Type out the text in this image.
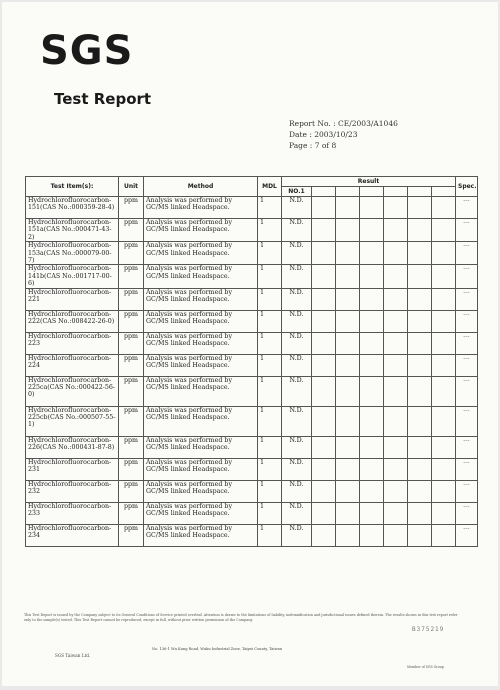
SGS
Test Report
Report No. : CE/2003/A1046
Date : 2003/10/23
Page : 7 of 8
Test Item(s):	Unit	Method	MDL	Result							Spec.
				NO.1							
Hydrochlorofluorocarbon-151(CAS No.:000359-28-4)	ppm	Analysis was performed by GC/MS linked Headspace.	1	N.D.							---
Hydrochlorofluorocarbon-151a(CAS No.:000471-43-2)	ppm	Analysis was performed by GC/MS linked Headspace.	1	N.D.							---
Hydrochlorofluorocarbon-153a(CAS No.:000079-00-7)	ppm	Analysis was performed by GC/MS linked Headspace.	1	N.D.							---
Hydrochlorofluorocarbon-141b(CAS No.:001717-00-6)	ppm	Analysis was performed by GC/MS linked Headspace.	1	N.D.							---
Hydrochlorofluorocarbon-221	ppm	Analysis was performed by GC/MS linked Headspace.	1	N.D.							---
Hydrochlorofluorocarbon-222(CAS No.:008422-26-0)	ppm	Analysis was performed by GC/MS linked Headspace.	1	N.D.							---
Hydrochlorofluorocarbon-223	ppm	Analysis was performed by GC/MS linked Headspace.	1	N.D.							---
Hydrochlorofluorocarbon-224	ppm	Analysis was performed by GC/MS linked Headspace.	1	N.D.							---
Hydrochlorofluorocarbon-225ca(CAS No.:000422-56-0)	ppm	Analysis was performed by GC/MS linked Headspace.	1	N.D.							---
Hydrochlorofluorocarbon-225cb(CAS No.:000507-55-1)	ppm	Analysis was performed by GC/MS linked Headspace.	1	N.D.							---
Hydrochlorofluorocarbon-226(CAS No.:000431-87-8)	ppm	Analysis was performed by GC/MS linked Headspace.	1	N.D.							---
Hydrochlorofluorocarbon-231	ppm	Analysis was performed by GC/MS linked Headspace.	1	N.D.							---
Hydrochlorofluorocarbon-232	ppm	Analysis was performed by GC/MS linked Headspace.	1	N.D.							---
Hydrochlorofluorocarbon-233	ppm	Analysis was performed by GC/MS linked Headspace.	1	N.D.							---
Hydrochlorofluorocarbon-234	ppm	Analysis was performed by GC/MS linked Headspace.	1	N.D.							---
This Test Report is issued by the Company subject to its General Conditions of Service printed overleaf. Attention is drawn to the limitations of liability, indemnification and jurisdictional issues defined therein. The results shown in this test report refer only to the sample(s) tested. This Test Report cannot be reproduced, except in full, without prior written permission of the Company.
B375219
SGS Taiwan Ltd.
No. 136-1 Wu Kung Road, Wuku Industrial Zone, Taipei County, Taiwan
Member of SGS Group
